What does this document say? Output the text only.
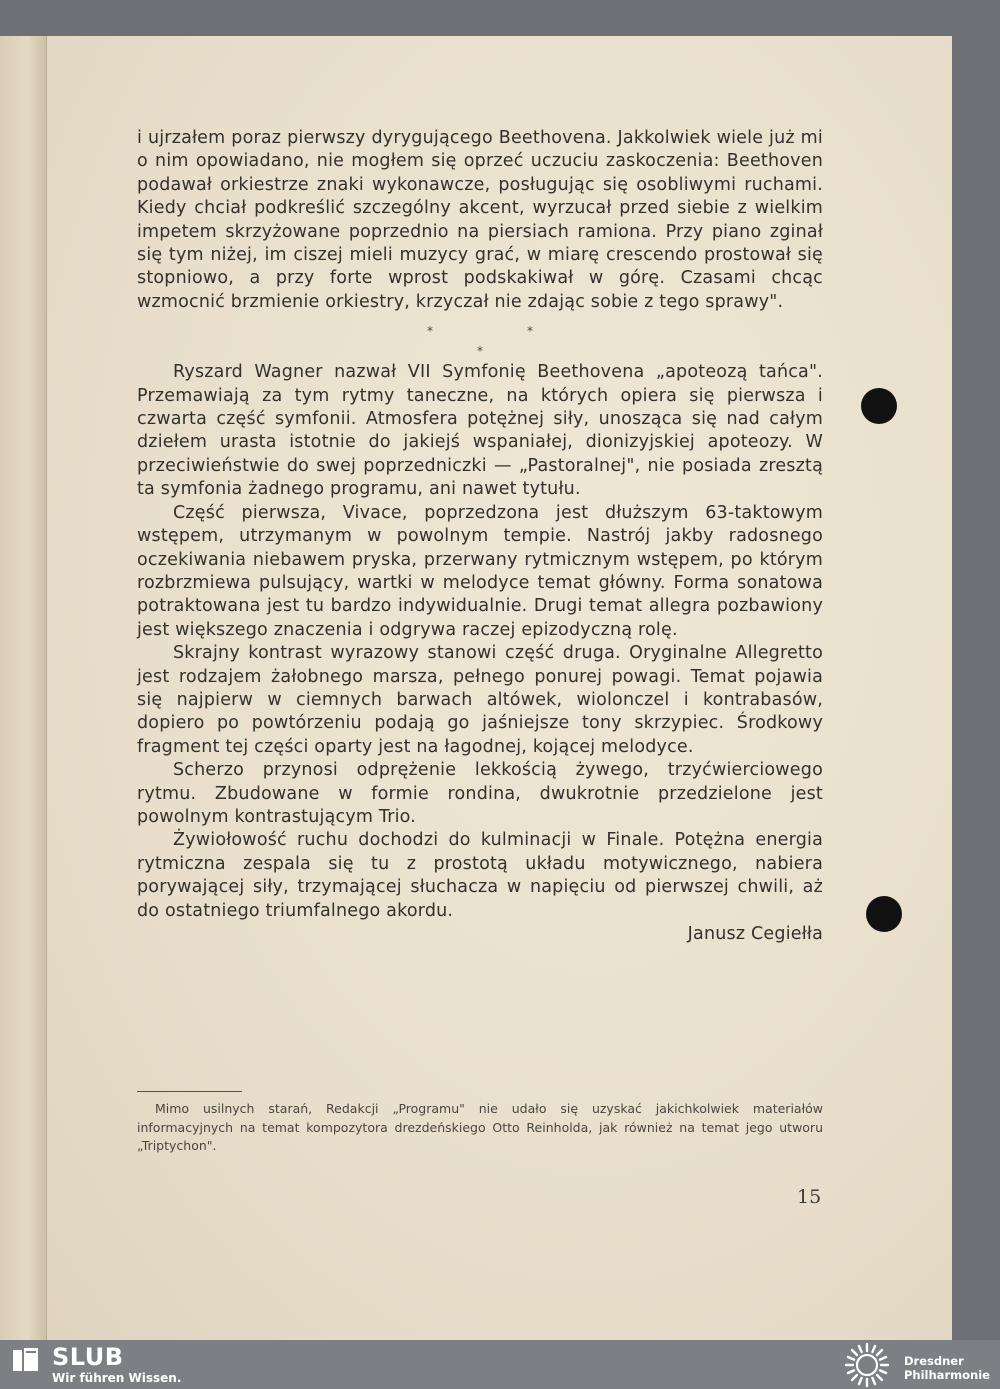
i ujrzałem poraz pierwszy dyrygującego Beethovena. Jakkolwiek wiele już mi o nim opowiadano, nie mogłem się oprzeć uczuciu zaskoczenia: Beethoven podawał orkiestrze znaki wykonawcze, posługując się osobliwymi ruchami. Kiedy chciał podkreślić szczególny akcent, wyrzucał przed siebie z wielkim impetem skrzyżowane poprzednio na piersiach ramiona. Przy piano zginał się tym niżej, im ciszej mieli muzycy grać, w miarę crescendo prostował się stopniowo, a przy forte wprost podskakiwał w górę. Czasami chcąc wzmocnić brzmienie orkiestry, krzyczał nie zdając sobie z tego sprawy".

*	*
*

Ryszard Wagner nazwał VII Symfonię Beethovena „apoteozą tańca". Przemawiają za tym rytmy taneczne, na których opiera się pierwsza i czwarta część symfonii. Atmosfera potężnej siły, unosząca się nad całym dziełem urasta istotnie do jakiejś wspaniałej, dionizyjskiej apoteozy. W przeciwieństwie do swej poprzedniczki — „Pastoralnej", nie posiada zresztą ta symfonia żadnego programu, ani nawet tytułu.

Część pierwsza, Vivace, poprzedzona jest dłuższym 63-taktowym wstępem, utrzymanym w powolnym tempie. Nastrój jakby radosnego oczekiwania niebawem pryska, przerwany rytmicznym wstępem, po którym rozbrzmiewa pulsujący, wartki w melodyce temat główny. Forma sonatowa potraktowana jest tu bardzo indywidualnie. Drugi temat allegra pozbawiony jest większego znaczenia i odgrywa raczej epizodyczną rolę.

Skrajny kontrast wyrazowy stanowi część druga. Oryginalne Allegretto jest rodzajem żałobnego marsza, pełnego ponurej powagi. Temat pojawia się najpierw w ciemnych barwach altówek, wiolonczel i kontrabasów, dopiero po powtórzeniu podają go jaśniejsze tony skrzypiec. Środkowy fragment tej części oparty jest na łagodnej, kojącej melodyce.

Scherzo przynosi odprężenie lekkością żywego, trzyćwierciowego rytmu. Zbudowane w formie rondina, dwukrotnie przedzielone jest powolnym kontrastującym Trio.

Żywiołowość ruchu dochodzi do kulminacji w Finale. Potężna energia rytmiczna zespala się tu z prostotą układu motywicznego, nabiera porywającej siły, trzymającej słuchacza w napięciu od pierwszej chwili, aż do ostatniego triumfalnego akordu.

Janusz Cegiełła

Mimo usilnych starań, Redakcji „Programu" nie udało się uzyskać jakichkolwiek materiałów informacyjnych na temat kompozytora drezdeńskiego Otto Reinholda, jak również na temat jego utworu „Triptychon".

15
SLUB
Wir führen Wissen.
Dresdner
Philharmonie
